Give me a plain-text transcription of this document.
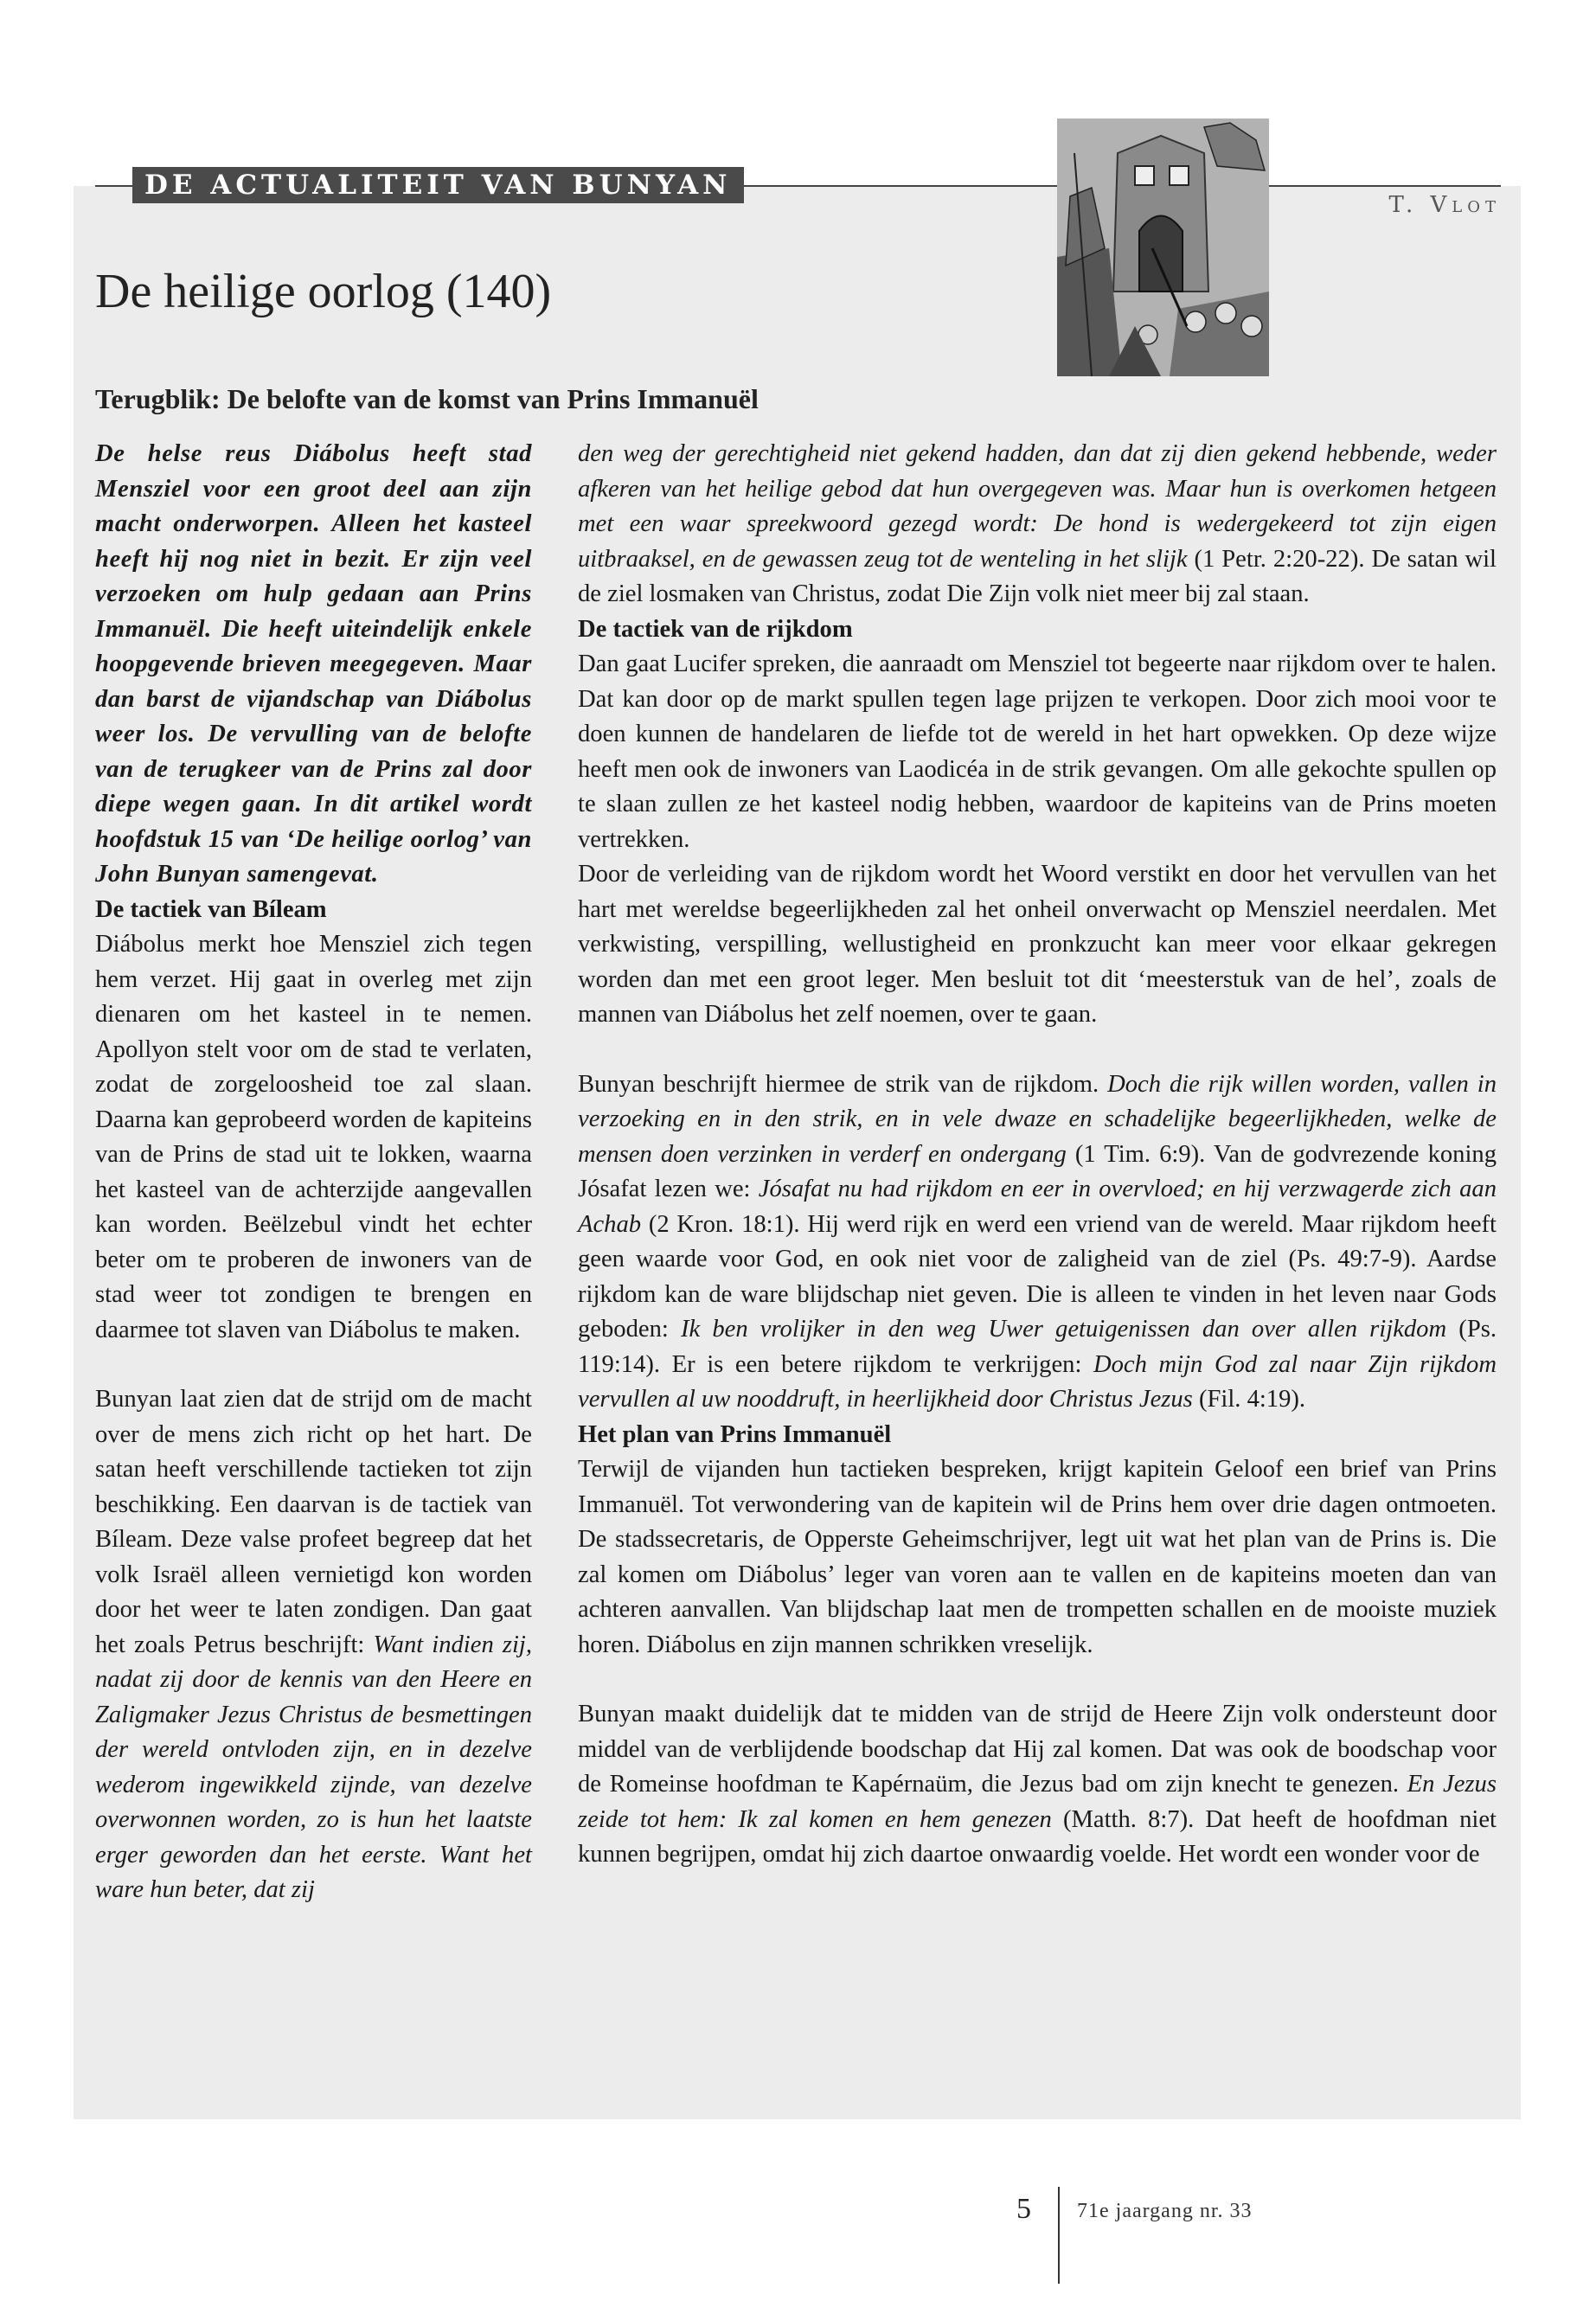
DE ACTUALITEIT VAN BUNYAN
T. Vlot
De heilige oorlog (140)
Terugblik: De belofte van de komst van Prins Immanuël

De helse reus Diábolus heeft stad Mensziel voor een groot deel aan zijn macht onderworpen. Alleen het kasteel heeft hij nog niet in bezit. Er zijn veel verzoeken om hulp gedaan aan Prins Immanuël. Die heeft uiteindelijk enkele hoopgevende brieven meegegeven. Maar dan barst de vijandschap van Diábolus weer los. De vervulling van de belofte van de terugkeer van de Prins zal door diepe wegen gaan. In dit artikel wordt hoofdstuk 15 van ‘De heilige oorlog’ van John Bunyan samengevat.

De tactiek van Bíleam

Diábolus merkt hoe Mensziel zich tegen hem verzet. Hij gaat in overleg met zijn dienaren om het kasteel in te nemen. Apollyon stelt voor om de stad te verlaten, zodat de zorgeloosheid toe zal slaan. Daarna kan geprobeerd worden de kapiteins van de Prins de stad uit te lokken, waarna het kasteel van de achterzijde aangevallen kan worden. Beëlzebul vindt het echter beter om te proberen de inwoners van de stad weer tot zondigen te brengen en daarmee tot slaven van Diábolus te maken.

Bunyan laat zien dat de strijd om de macht over de mens zich richt op het hart. De satan heeft verschillende tactieken tot zijn beschikking. Een daarvan is de tactiek van Bíleam. Deze valse profeet begreep dat het volk Israël alleen vernietigd kon worden door het weer te laten zondigen. Dan gaat het zoals Petrus beschrijft: Want indien zij, nadat zij door de kennis van den Heere en Zaligmaker Jezus Christus de besmettingen der wereld ontvloden zijn, en in dezelve wederom ingewikkeld zijnde, van dezelve overwonnen worden, zo is hun het laatste erger geworden dan het eerste. Want het ware hun beter, dat zij

den weg der gerechtigheid niet gekend hadden, dan dat zij dien gekend hebbende, weder afkeren van het heilige gebod dat hun overgegeven was. Maar hun is overkomen hetgeen met een waar spreekwoord gezegd wordt: De hond is wedergekeerd tot zijn eigen uitbraaksel, en de gewassen zeug tot de wenteling in het slijk (1 Petr. 2:20-22). De satan wil de ziel losmaken van Christus, zodat Die Zijn volk niet meer bij zal staan.

De tactiek van de rijkdom

Dan gaat Lucifer spreken, die aanraadt om Mensziel tot begeerte naar rijkdom over te halen. Dat kan door op de markt spullen tegen lage prijzen te verkopen. Door zich mooi voor te doen kunnen de handelaren de liefde tot de wereld in het hart opwekken. Op deze wijze heeft men ook de inwoners van Laodicéa in de strik gevangen. Om alle gekochte spullen op te slaan zullen ze het kasteel nodig hebben, waardoor de kapiteins van de Prins moeten vertrekken.

Door de verleiding van de rijkdom wordt het Woord verstikt en door het vervullen van het hart met wereldse begeerlijkheden zal het onheil onverwacht op Mensziel neerdalen. Met verkwisting, verspilling, wellustigheid en pronkzucht kan meer voor elkaar gekregen worden dan met een groot leger. Men besluit tot dit ‘meesterstuk van de hel’, zoals de mannen van Diábolus het zelf noemen, over te gaan.

Bunyan beschrijft hiermee de strik van de rijkdom. Doch die rijk willen worden, vallen in verzoeking en in den strik, en in vele dwaze en schadelijke begeerlijkheden, welke de mensen doen verzinken in verderf en ondergang (1 Tim. 6:9). Van de godvrezende koning Jósafat lezen we: Jósafat nu had rijkdom en eer in overvloed; en hij verzwagerde zich aan Achab (2 Kron. 18:1). Hij werd rijk en werd een vriend van de wereld. Maar rijkdom heeft geen waarde voor God, en ook niet voor de zaligheid van de ziel (Ps. 49:7-9). Aardse rijkdom kan de ware blijdschap niet geven. Die is alleen te vinden in het leven naar Gods geboden: Ik ben vrolijker in den weg Uwer getuigenissen dan over allen rijkdom (Ps. 119:14). Er is een betere rijkdom te verkrijgen: Doch mijn God zal naar Zijn rijkdom vervullen al uw nooddruft, in heerlijkheid door Christus Jezus (Fil. 4:19).

Het plan van Prins Immanuël

Terwijl de vijanden hun tactieken bespreken, krijgt kapitein Geloof een brief van Prins Immanuël. Tot verwondering van de kapitein wil de Prins hem over drie dagen ontmoeten. De stadssecretaris, de Opperste Geheimschrijver, legt uit wat het plan van de Prins is. Die zal komen om Diábolus’ leger van voren aan te vallen en de kapiteins moeten dan van achteren aanvallen. Van blijdschap laat men de trompetten schallen en de mooiste muziek horen. Diábolus en zijn mannen schrikken vreselijk.

Bunyan maakt duidelijk dat te midden van de strijd de Heere Zijn volk ondersteunt door middel van de verblijdende boodschap dat Hij zal komen. Dat was ook de boodschap voor de Romeinse hoofdman te Kapérnaüm, die Jezus bad om zijn knecht te genezen. En Jezus zeide tot hem: Ik zal komen en hem genezen (Matth. 8:7). Dat heeft de hoofdman niet kunnen begrijpen, omdat hij zich daartoe onwaardig voelde. Het wordt een wonder voor de

5 71e jaargang nr. 33
